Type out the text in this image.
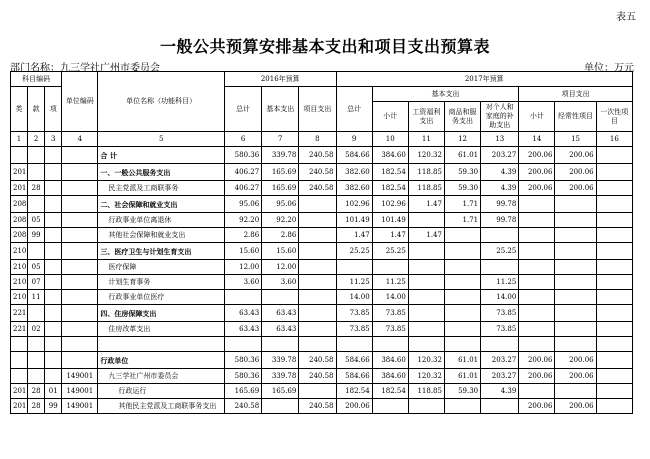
表五
一般公共预算安排基本支出和项目支出预算表
部门名称：九三学社广州市委员会	单位：万元
科目编码			单位编码	单位名称（功能科目）	2016年预算			2017年预算							
类	款	项			总计	基本支出	项目支出	总计	基本支出				项目支出		
									小计	工资福利支出	商品和服务支出	对个人和家庭的补助支出	小计	经常性项目	一次性项目
1	2	3	4	5	6	7	8	9	10	11	12	13	14	15	16
				合 计	580.36	339.78	240.58	584.66	384.60	120.32	61.01	203.27	200.06	200.06	
201				一、一般公共服务支出	406.27	165.69	240.58	382.60	182.54	118.85	59.30	4.39	200.06	200.06	
201	28			民主党派及工商联事务	406.27	165.69	240.58	382.60	182.54	118.85	59.30	4.39	200.06	200.06	
208				二、社会保障和就业支出	95.06	95.06		102.96	102.96	1.47	1.71	99.78			
208	05			行政事业单位离退休	92.20	92.20		101.49	101.49		1.71	99.78			
208	99			其他社会保障和就业支出	2.86	2.86		1.47	1.47	1.47					
210				三、医疗卫生与计划生育支出	15.60	15.60		25.25	25.25			25.25			
210	05			医疗保障	12.00	12.00									
210	07			计划生育事务	3.60	3.60		11.25	11.25			11.25			
210	11			行政事业单位医疗				14.00	14.00			14.00			
221				四、住房保障支出	63.43	63.43		73.85	73.85			73.85			
221	02			住房改革支出	63.43	63.43		73.85	73.85			73.85			

				行政单位	580.36	339.78	240.58	584.66	384.60	120.32	61.01	203.27	200.06	200.06	
			149001	九三学社广州市委员会	580.36	339.78	240.58	584.66	384.60	120.32	61.01	203.27	200.06	200.06	
201	28	01	149001	行政运行	165.69	165.69		182.54	182.54	118.85	59.30	4.39			
201	28	99	149001	其他民主党派及工商联事务支出	240.58		240.58	200.06					200.06	200.06	
